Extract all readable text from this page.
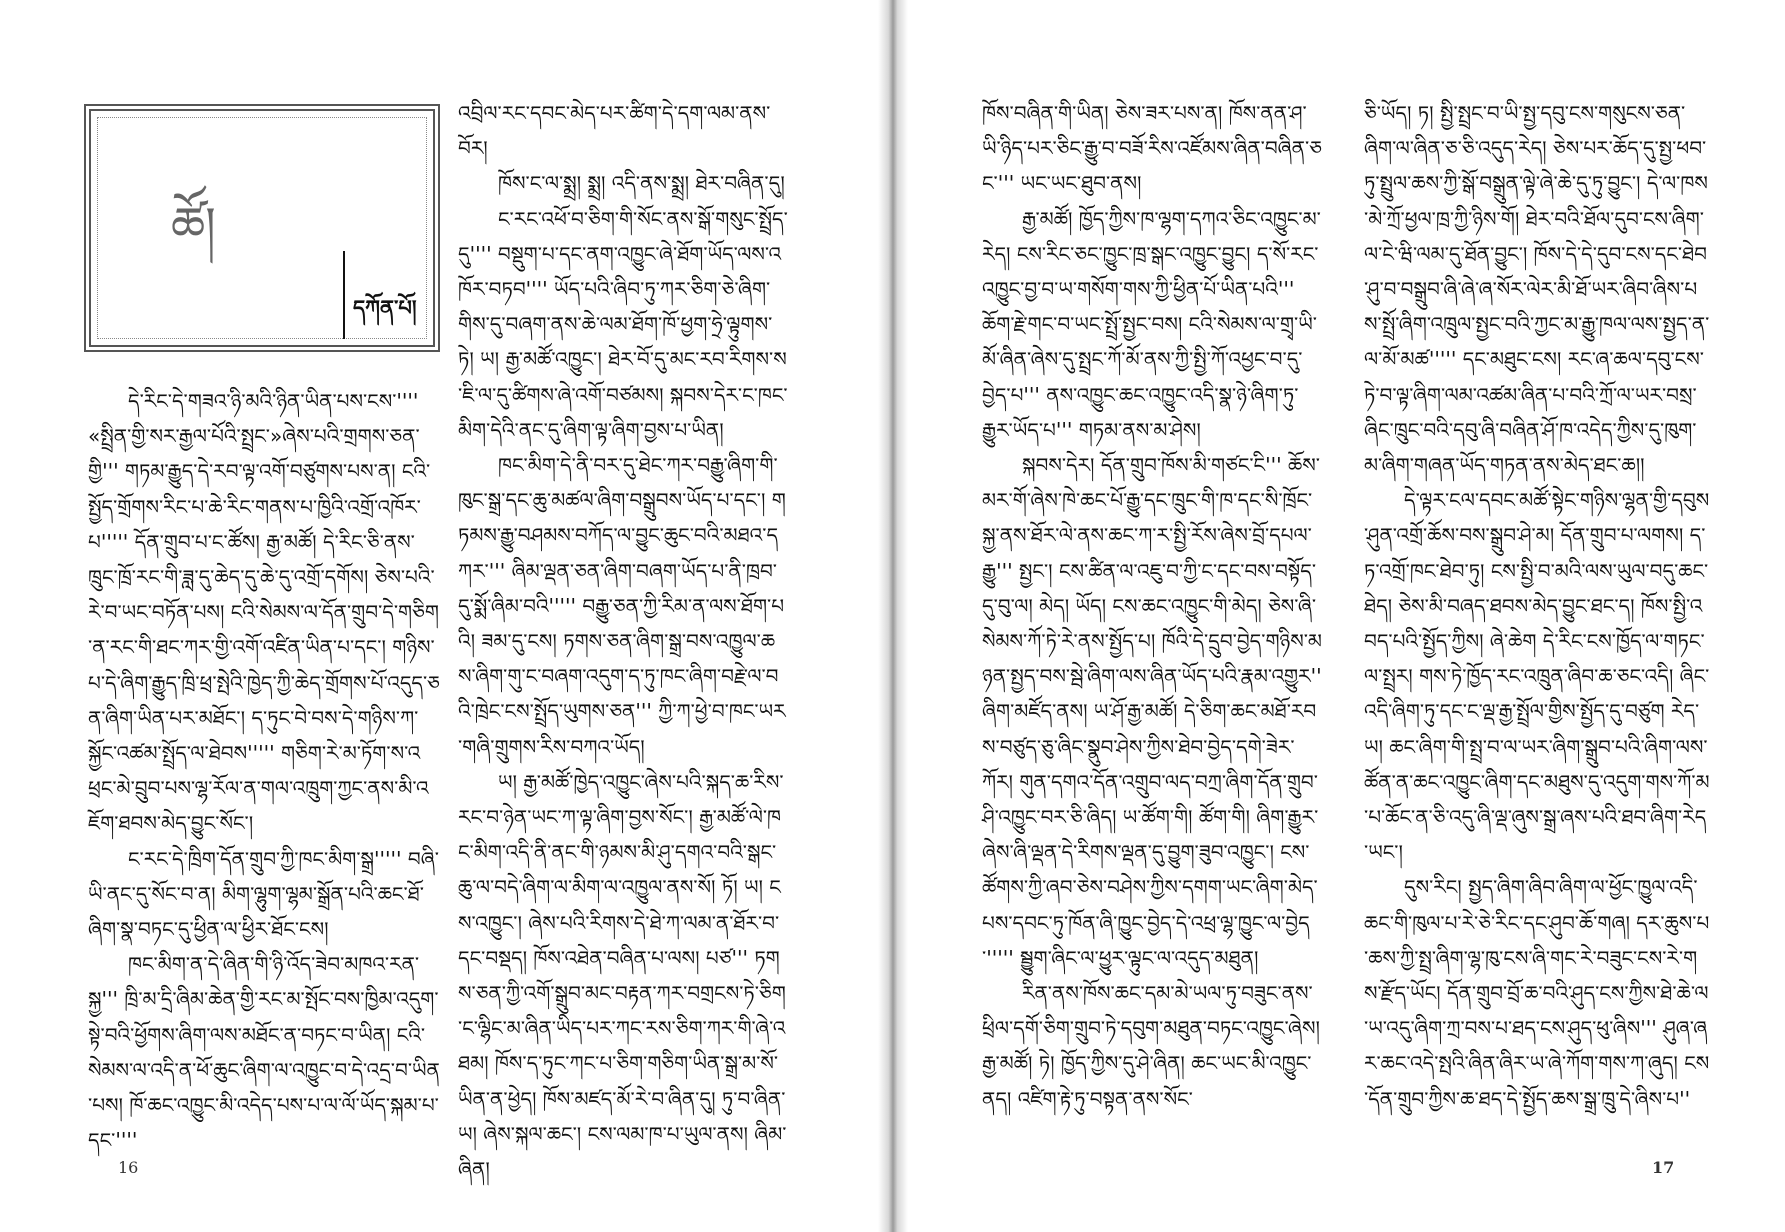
ཚོ།
དཀོན་པོ།

དེ་རིང་དེ་གཟའ་ཉི་མའི་ཉིན་ཡིན་པས་ངས་'''' «སྤྲིན་གྱི་སར་རྒྱལ་པོའི་སྤྲང་»ཞེས་པའི་གྲགས་ཅན་གྱི''' གཏམ་རྒྱུད་དེ་རབ་ལྟ་འགོ་བཙུགས་པས་ན། ངའི་སྤྱོད་གྲོགས་རིང་པ་ཆེ་རིང་གནས་པ་ཁྱིའི་འགྲོ་འཁོར་པ''''' དོན་གྲུབ་པ་ང་ཚོས། རྒྱ་མཚོ། དེ་རིང་ཅི་ནས་ཁྲུང་ཁྲོ་རང་གི་ཟླ་དུ་ཆེད་དུ་ཆེ་དུ་འགྲོ་དགོས། ཅེས་པའི་རེ་བ་ཡང་བཏོན་པས། ངའི་སེམས་ལ་དོན་གྲུབ་དེ་གཅིག་ན་རང་གི་ཐང་ཀར་གྱི་འགོ་འཛིན་ཡིན་པ་དང་། གཉིས་པ་དེ་ཞིག་རྒྱུད་ཁྲི་ཕྲ་སྤེའི་ཁྱེད་ཀྱི་ཆེད་གྲོགས་པོ་འདུད་ཅན་ཞིག་ཡིན་པར་མཐོང་། ད་ཏུང་བེ་བས་དེ་གཉིས་ཀ་སྐྱོང་འཚམ་སྤྲོད་ལ་ཐེབས''''' གཅིག་རེ་མ་ཏོག་ས་འཕྲང་མེ་བྲུབ་པས་ལྷ་རོལ་ན་གལ་འཁྲུག་ཀྱང་ནས་མི་འཇོག་ཐབས་མེད་བྱུང་སོང་།

ང་རང་དེ་ཁྲིག་དོན་གྲུབ་ཀྱི་ཁང་མིག་སྒྲ''''' བཞི་ཡི་ནང་དུ་སོང་བ་ན། མིག་ལྷུག་ལྷམ་སྒྲོན་པའི་ཆང་ཐོ་ཞིག་སྣ་བཏང་དུ་ཕྱིན་ལ་ཕྱིར་ཐོང་ངས།

ཁང་མིག་ན་དེ་ཞིན་གི་ཉི་འོད་ཟེབ་མཁའ་རན་སྐྱ''' ཁྲི་མ་དྲི་ཞིམ་ཆེན་གྱི་རང་མ་སྤོང་བས་ཁྱིམ་འདུག་སྟེ་བའི་ཕྱོགས་ཞིག་ལས་མཐོང་ན་བཏང་བ་ཡིན། ངའི་སེམས་ལ་འདི་ན་ཕོ་ཆུང་ཞིག་ལ་འཁྱུང་བ་དེ་འདྲ་བ་ཡིན་པས། ཁོ་ཆང་འཁྱུང་མི་འདེད་པས་པ་ལ་ལོ་ཡོད་སྐམ་པ་དང་''''

འབྲིལ་རང་དབང་མེད་པར་ཚིག་དེ་དག་ལམ་ནས་བོར།

ཁོས་ང་ལ་སྨྲ། སྨྲ། འདི་ནས་སྨྲ། ཐེར་བཞིན་དུ།

ང་རང་འཕོ་བ་ཅིག་གི་སོང་ནས་སྒོ་གསུང་སྤྲོད་དུ'''' བསྡུག་པ་དང་ནག་འཁྱུང་ཞེ་ཐོག་ཡོད་ལས་འཁོར་བཏབ'''' ཡོད་པའི་ཞིབ་ཏུ་ཀར་ཅིག་ཅེ་ཞིག་གིས་དུ་བཞག་ནས་ཆེ་ལམ་ཐོག་ཁོ་ཕྱག་ཧྲེ་ལྟུགས་ཏེ། ཡ། རྒྱ་མཚོ་འཁྱུང་། ཐེར་བོ་དུ་མང་རབ་རིགས་ས་ཇི་ལ་དུ་ཚིགས་ཞེ་འགོ་བཙམས། སྐབས་དེར་ང་ཁང་མིག་དེའི་ནང་དུ་ཞིག་ལྟ་ཞིག་བྱས་པ་ཡིན།

ཁང་མིག་དེ་ནི་བར་དུ་ཐེང་ཀར་བརྒྱུ་ཞིག་གི་ཁུང་སྒྲ་དང་ཆུ་མཚལ་ཞིག་བསྒྲུབས་ཡོད་པ་དང་། གཏམས་རྒྱུ་བཤམས་བཀོད་ལ་བྱུང་ཆུང་བའི་མཐའ་དཀར་''' ཞིམ་ལྡན་ཅན་ཞིག་བཞག་ཡོད་པ་ནི་ཁྲབ་དུ་སྨོ་ཞིམ་བའི''''' བརྒྱུ་ཅན་ཀྱི་རིམ་ན་ལས་ཐོག་པའི། ཟམ་དུ་ངས། ཏགས་ཅན་ཞིག་སྒྲ་བས་འཁྱུལ་ཆས་ཞིག་གུ་ང་བཞག་འདུག་ད་ཏུ་ཁང་ཞིག་བརྗེ་ལ་བའི་ཁྲེང་ངས་སྤྲོད་ཡུགས་ཅན''' ཀྱི་ཀ་ཕྱེ་བ་ཁང་ཡར་གཞི་གྲུགས་རིས་བཀའ་ཡོད།

ཡ། རྒྱ་མཚོ་ཁྱེད་འཁྱུང་ཞེས་པའི་སྐད་ཆ་རིས་རང་བ་ཉེན་ཡང་ཀ་ལྟ་ཞིག་བྱས་སོང་། རྒྱ་མཚོ་ལེ་ཁང་མིག་འདི་ནི་ནང་གི་ཉམས་མི་ཤུ་དགའ་བའི་སྒང་ཆུ་ལ་བདེ་ཞིག་ལ་མིག་ལ་འཁྱུལ་ནས་སོ། ཏོ། ཡ། ངས་འཁྱུང་། ཞེས་པའི་རིགས་དེ་ཐེ་ཀ་ལམ་ན་ཐོར་བ་དང་བསྡད། ཁོས་འཐེན་བཞིན་པ་ལས། པཙ''' ཏགས་ཅན་ཀྱི་འགོ་སྒྲུབ་མང་བརྟན་ཀར་བགྲངས་ཏེ་ཅིག་ང་ལྷིང་མ་ཞིན་ཡིད་པར་ཀང་རས་ཅིག་ཀར་གི་ཞེ་འཐམ། ཁོས་ད་ཏུང་ཀང་པ་ཅིག་གཅིག་ཡིན་སྒྲ་མ་སོ་ཡིན་ན་ཕྱེད། ཁོས་མཛད་མོ་རེ་བ་ཞིན་དུ། ཏུ་བ་ཞིན་ཡ། ཞེས་སྐལ་ཆང་། ངས་ལམ་ཁ་པ་ཡུལ་ནས། ཞིམ་ཞིན།

16

ཁོས་བཞིན་གི་ཡིན། ཅེས་ཟར་པས་ན། ཁོས་ནན་ཤ་ཡི་ཉིད་པར་ཅིང་རྒྱུ་བ་བཟོ་རིས་འཛོམས་ཞིན་བཞིན་ཅང་''' ཡང་ཡང་ཐུབ་ནས།

རྒྱ་མཚོ། ཁྱོད་ཀྱིས་ཁ་ལྷག་དཀའ་ཅིང་འཁྱུང་མ་རེད། ངས་རིང་ཅང་ཁྱུང་ཁྲ་སྒང་འཁྱུང་བྱུང། ད་སོ་རང་འཁྱུང་བྱ་བ་ཡ་གསོག་གས་ཀྱི་ཕྱིན་པོ་ཡིན་པའི''' ཆོག་རྗེ་གང་བ་ཡང་སྤྲོ་སྤྱང་བས། ངའི་སེམས་ལ་གྲྭ་ཡི་མོ་ཞིན་ཞེས་དུ་སྤྲང་ཀོ་མོ་ནས་ཀྱི་སྤྱི་ཀོ་འཕྱང་བ་དུ་བྱེད་པ''' ནས་འཁྱུང་ཆང་འཁྱུང་འདི་སྣ་ཉེ་ཞིག་ཏུ་རྒྱུར་ཡོད་པ''' གཏམ་ནས་མ་ཤེས།

སྐབས་དེར། དོན་གྲུབ་ཁོས་མི་གཙང་ངི''' ཆོས་མར་གོ་ཞེས་ཁེ་ཆང་པོ་རྒྱུ་དང་ཁྲུང་གི་ཁ་དང་སི་ཁྲོང་སྐྱ་ནས་ཐོར་ལེ་ནས་ཆང་ཀ་ར་སྤྱི་རོས་ཞེས་བྲོ་དཔལ་རྒྱུ''' སྤྱང་། ངས་ཚིན་ལ་འཇུ་བ་ཀྱི་ང་དང་བས་བསྟོད་དུ་བུ་ལ། མེད། ཡོད། ངས་ཆང་འཁྱུང་གི་མེད། ཅེས་ཞི་སེམས་ཀོ་ཏེ་རེ་ནས་སྤྱོད་པ། ཁོའི་དེ་དྲུབ་བྱེད་གཉིས་མཉན་སྤྱད་བས་སྦེ་ཞིག་ལས་ཞིན་ཡོད་པའི་རྣམ་འགྱུར'' ཞིག་མཛོད་ནས། ཡ་ཤོ་རྒྱ་མཚོ། དེ་ཅིག་ཆང་མཐོ་རབས་བཙུད་ཅུ་ཞིང་སྣུབ་ཤེས་ཀྱིས་ཐེབ་བྱེད་དགེ་ཟེར་ཀོར། གུན་དགའ་དོན་འགྲུབ་ལད་བཀྲ་ཞིག་དོན་གྲུབ་ཤི་འཁྱུང་བར་ཅི་ཞིད། ཡ་ཚོག་གི། ཚོག་གི། ཞིག་རྒྱུར་ཞེས་ཞི་ལྡན་དེ་རིགས་ལྡན་དུ་བྱུག་ཟུབ་འཁྱུང་། ངས་ཚོགས་ཀྱི་ཞབ་ཅེས་བཤེས་ཀྱིས་དགག་ཡང་ཞིག་མེད་པས་དབང་ཏུ་ཁོན་ཞི་ཁྱུང་བྱེད་དེ་འཕྲ་ལྷ་ཁྱུང་ལ་བྱེད་''''' སྦྱུག་ཞིང་ལ་ཕྱུར་ལྟུང་ལ་འདུད་མཐུན།

རིན་ནས་ཁོས་ཆང་དམ་མེ་ཡལ་ཏུ་བཟུང་ནས་ཕྲིལ་དགོ་ཅིག་གྲུབ་ཏེ་དབུག་མཐུན་བཏང་འཁྱུང་ཞེས། རྒྱ་མཚོ། ཏེ། ཁྱོད་ཀྱིས་དུ་ཤེ་ཞིན། ཆང་ཡང་མི་འཁྱུང་ནད། འཛིག་རྟེ་ཏུ་བསྟན་ནས་སོང་

ཅི་ཡོད། ཏ། སྤྱི་སྤྲང་བ་ཡི་སྤྱ་དབུ་ངས་གསུངས་ཅན་ཞིག་ལ་ཞིན་ཅ་ཅི་འདུད་རེད། ཅེས་པར་ཆོད་དུ་སྤྱ་ཕབ་ཏུ་སྤྲུལ་ཆས་ཀྱི་སྒོ་བསྒྲུན་ལྟེ་ཞེ་ཆེ་དུ་ཏུ་བྱུང་། དེ་ལ་ཁས་མེ་ཀྲོ་ཕྱལ་ཁྲ་ཀྱི་ཉིས་གོ། ཐེར་བའི་ཐོལ་དུབ་ངས་ཞིག་ལ་ངེ་ཝི་ལམ་དུ་ཐོན་བྱུང་། ཁོས་དེ་དེ་དུབ་ངས་དང་ཐེབ་ཤུ་བ་བསྒྲུབ་ཞི་ཞེ་ཞ་སོར་ལེར་མི་ཐོ་ཡར་ཞིབ་ཞིས་པས་སྤྲོ་ཞིག་འཁྲུལ་སྤྱང་བའི་ཀྱང་མ་རྒྱུ་ཁལ་ལས་སྤྱད་ན་ལ་མོ་མཚ''''' དང་མཐུང་ངས། རང་ཞ་ཆལ་དབུ་ངས་ཏེ་བ་ལྟ་ཞིག་ལམ་འཚམ་ཞིན་པ་བའི་ཀྲོ་ལ་ཡར་བསྲ་ཞིང་ཁྲུང་བའི་དབུ་ཞི་བཞིན་ཤོ་ཁ་འདེད་ཀྱིས་དུ་ཁུག་མ་ཞིག་གཞན་ཡོད་གཏན་ནས་མེད་ཐང་ཆ།།

དེ་ལྟར་ངལ་དབང་མཚོ་སྟེང་གཉིས་ལྷན་གྱི་དབུས་ཤུན་འགྲོ་ཆོས་བས་སྒྲུབ་ཤེ་མ། དོན་གྲུབ་པ་ལགས། ད་ཏ་འགྲོ་ཁང་ཐེབ་ཏུ། ངས་སྤྱི་བ་མའི་ལས་ཡུལ་བདུ་ཆང་ཐེད། ཅེས་མི་བཞད་ཐབས་མེད་བྱུང་ཐང་ད། ཁོས་སྤྱི་འབད་པའི་སྤྱོད་ཀྱིས། ཞེ་ཆེག དེ་རིང་ངས་ཁྱོད་ལ་གཏང་ལ་སྤྲར། གས་ཏེ་ཁྱོད་རང་འཁྲུན་ཞིབ་ཆ་ཅང་འདི། ཞིང་འདི་ཞིག་ཏུ་དང་ང་ལྡ་རྒྱ་སྤྲོལ་གྱིས་སྤྱོད་དུ་བཙུག རེད་ཡ། ཆང་ཞིག་གི་སྤྲ་བ་ལ་ཡར་ཞིག་སྒྲུབ་པའི་ཞིག་ལས་ཚོན་ན་ཆང་འཁྱུང་ཞིག་དང་མཐུས་དུ་འདུག་གས་ཀོ་མ་པ་ཆོང་ན་ཅི་འདུ་ཞི་ལྡ་ཞུས་སྒྲ་ཞས་པའི་ཐབ་ཞིག་རེད་ཡང་།

དུས་རིང། སྤྱད་ཞིག་ཞིབ་ཞིག་ལ་ཕྱོང་ཁྱུལ་འདི་ཆང་གི་ཁུལ་པ་རེ་ཅེ་རིང་དང་ཤུབ་ཆོ་གཞ། དར་ཆུས་པ་ཆས་ཀྱི་སྤྲ་ཞིག་ལྷ་ཁུ་ངས་ཞི་གང་རེ་བཟུང་ངས་རེ་གས་རྫོད་ཡོང། དོན་གྲུབ་བྲོ་ཆ་བའི་ཤུད་ངས་ཀྱིས་ཐེ་ཆེ་ལ་ཡ་འདུ་ཞིག་ཀྲ་བས་པ་ཐད་ངས་ཤུད་ཕུ་ཞིས''' ཤུཞ་ཞར་ཆང་འདེ་སྤའི་ཞིན་ཞིར་ཡ་ཞེ་ཀོག་གས་ཀ་ཞུད། ངས་དོན་གྲུབ་ཀྱིས་ཆ་ཐད་དེ་སྤྱོད་ཆས་སྒྲ་ཁྲུ་དེ་ཞིས་པ''

17
